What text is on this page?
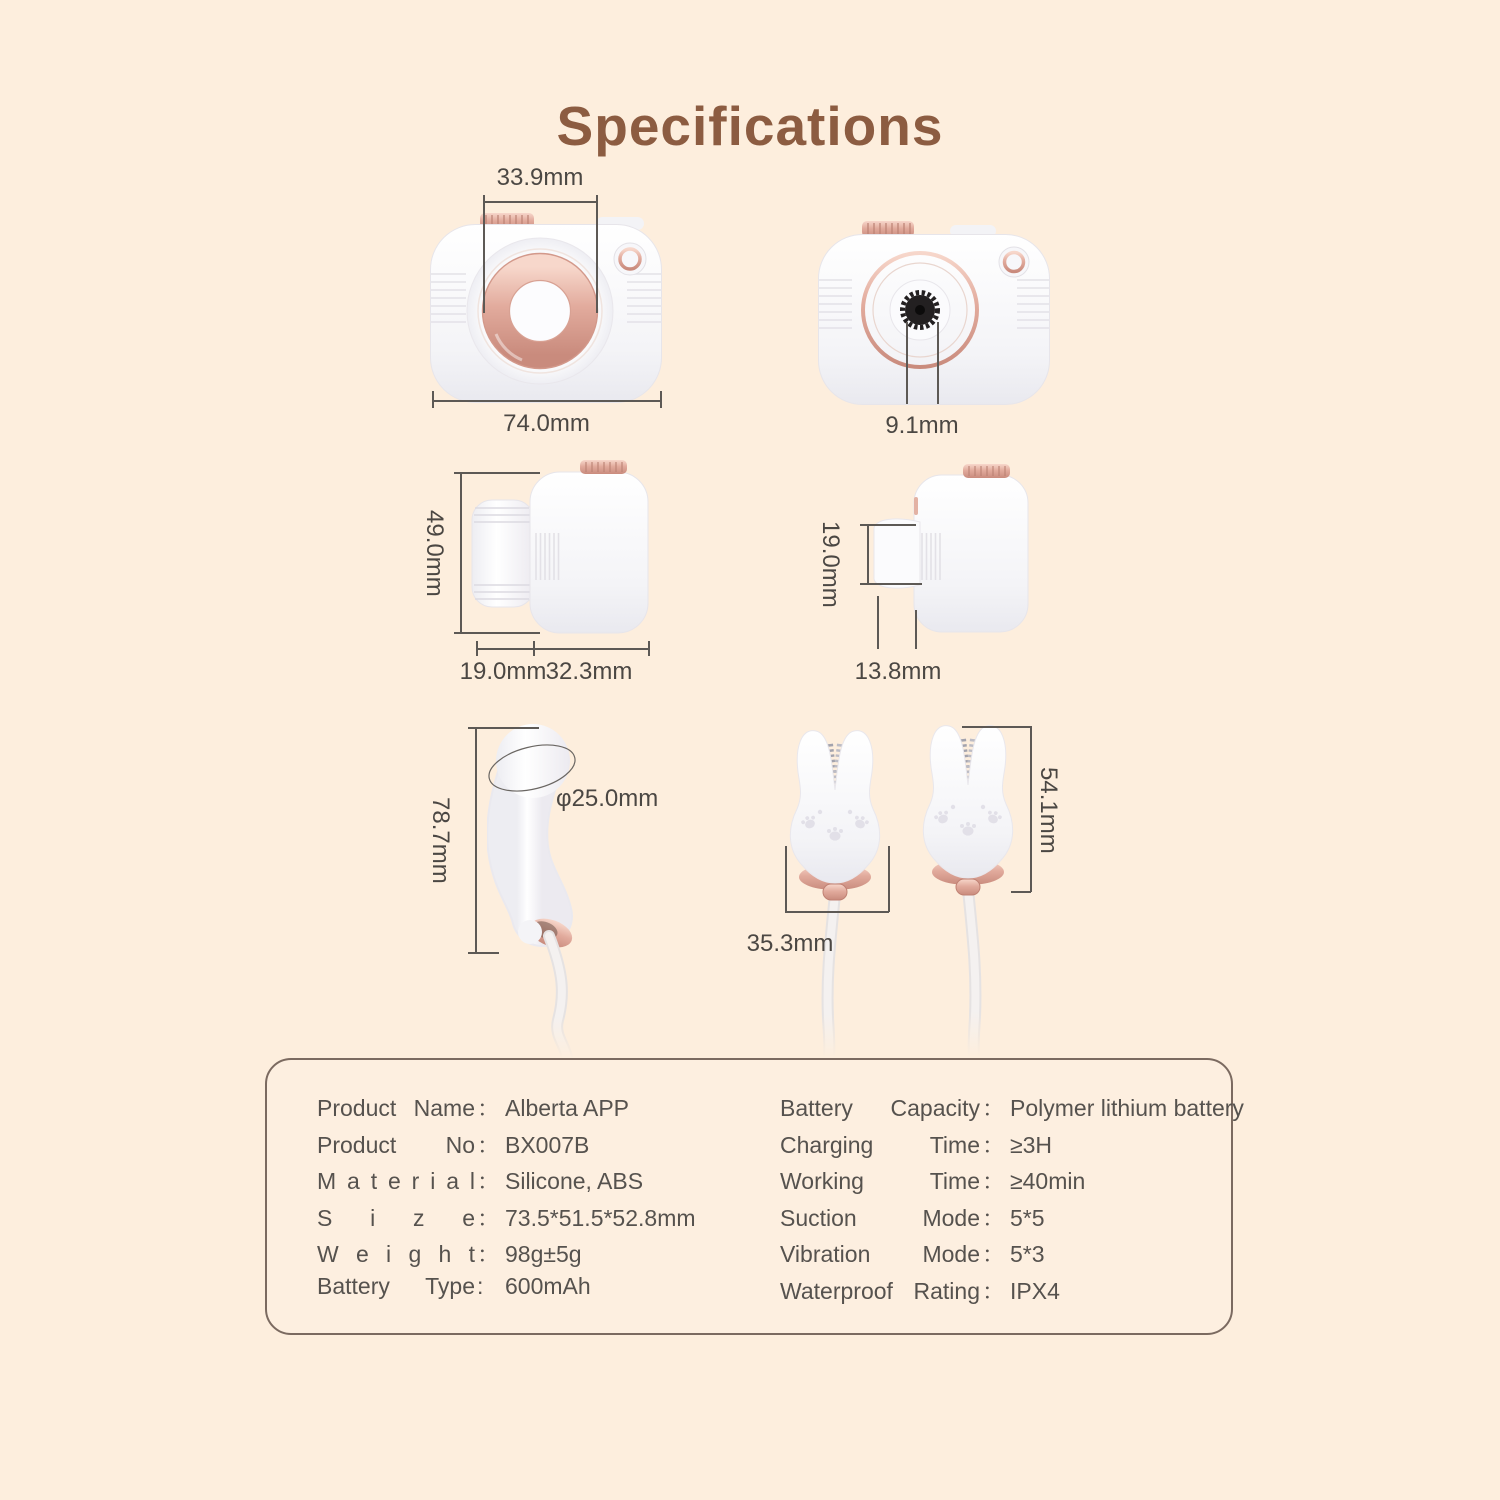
Specifications
33.9mm
74.0mm	9.1mm
49.0mm
19.0mm 32.3mm
19.0mm
13.8mm
78.7mm	φ25.0mm
35.3mm
54.1mm
Product Name ： Alberta APP
Product No ： BX007B
M a t e r i a l ： Silicone, ABS
S i z e ： 73.5*51.5*52.8mm
W e i g h t ： 98g±5g
Battery Type : 600mAh
Battery Capacity ： Polymer lithium battery
Charging Time ： ≥3H
Working Time ： ≥40min
Suction Mode ： 5*5
Vibration Mode ： 5*3
Waterproof Rating ： IPX4
